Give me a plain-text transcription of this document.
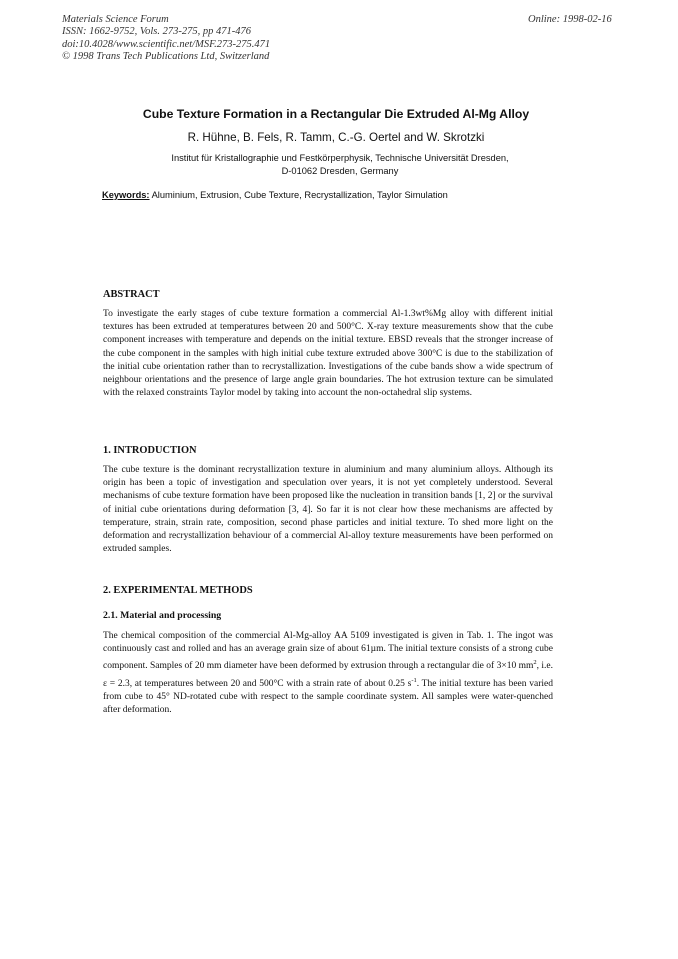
Materials Science Forum
ISSN: 1662-9752, Vols. 273-275, pp 471-476
doi:10.4028/www.scientific.net/MSF.273-275.471
© 1998 Trans Tech Publications Ltd, Switzerland
Online: 1998-02-16
Cube Texture Formation in a Rectangular Die Extruded Al-Mg Alloy
R. Hühne, B. Fels, R. Tamm, C.-G. Oertel and W. Skrotzki
Institut für Kristallographie und Festkörperphysik, Technische Universität Dresden,
D-01062 Dresden, Germany
Keywords: Aluminium, Extrusion, Cube Texture, Recrystallization, Taylor Simulation
ABSTRACT
To investigate the early stages of cube texture formation a commercial Al-1.3wt%Mg alloy with different initial textures has been extruded at temperatures between 20 and 500°C. X-ray texture measurements show that the cube component increases with temperature and depends on the initial texture. EBSD reveals that the stronger increase of the cube component in the samples with high initial cube texture extruded above 300°C is due to the stabilization of the initial cube orientation rather than to recrystallization. Investigations of the cube bands show a wide spectrum of neighbour orientations and the presence of large angle grain boundaries. The hot extrusion texture can be simulated with the relaxed constraints Taylor model by taking into account the non-octahedral slip systems.
1. INTRODUCTION
The cube texture is the dominant recrystallization texture in aluminium and many aluminium alloys. Although its origin has been a topic of investigation and speculation over years, it is not yet completely understood. Several mechanisms of cube texture formation have been proposed like the nucleation in transition bands [1, 2] or the survival of initial cube orientations during deformation [3, 4]. So far it is not clear how these mechanisms are affected by temperature, strain, strain rate, composition, second phase particles and initial texture. To shed more light on the deformation and recrystallization behaviour of a commercial Al-alloy texture measurements have been performed on extruded samples.
2. EXPERIMENTAL METHODS
2.1. Material and processing
The chemical composition of the commercial Al-Mg-alloy AA 5109 investigated is given in Tab. 1. The ingot was continuously cast and rolled and has an average grain size of about 61µm. The initial texture consists of a strong cube component. Samples of 20 mm diameter have been deformed by extrusion through a rectangular die of 3×10 $mm^2$, i.e. ε = 2.3, at temperatures between 20 and 500°C with a strain rate of about 0.25 $s^{-1}$. The initial texture has been varied from cube to 45° ND-rotated cube with respect to the sample coordinate system. All samples were water-quenched after deformation.
